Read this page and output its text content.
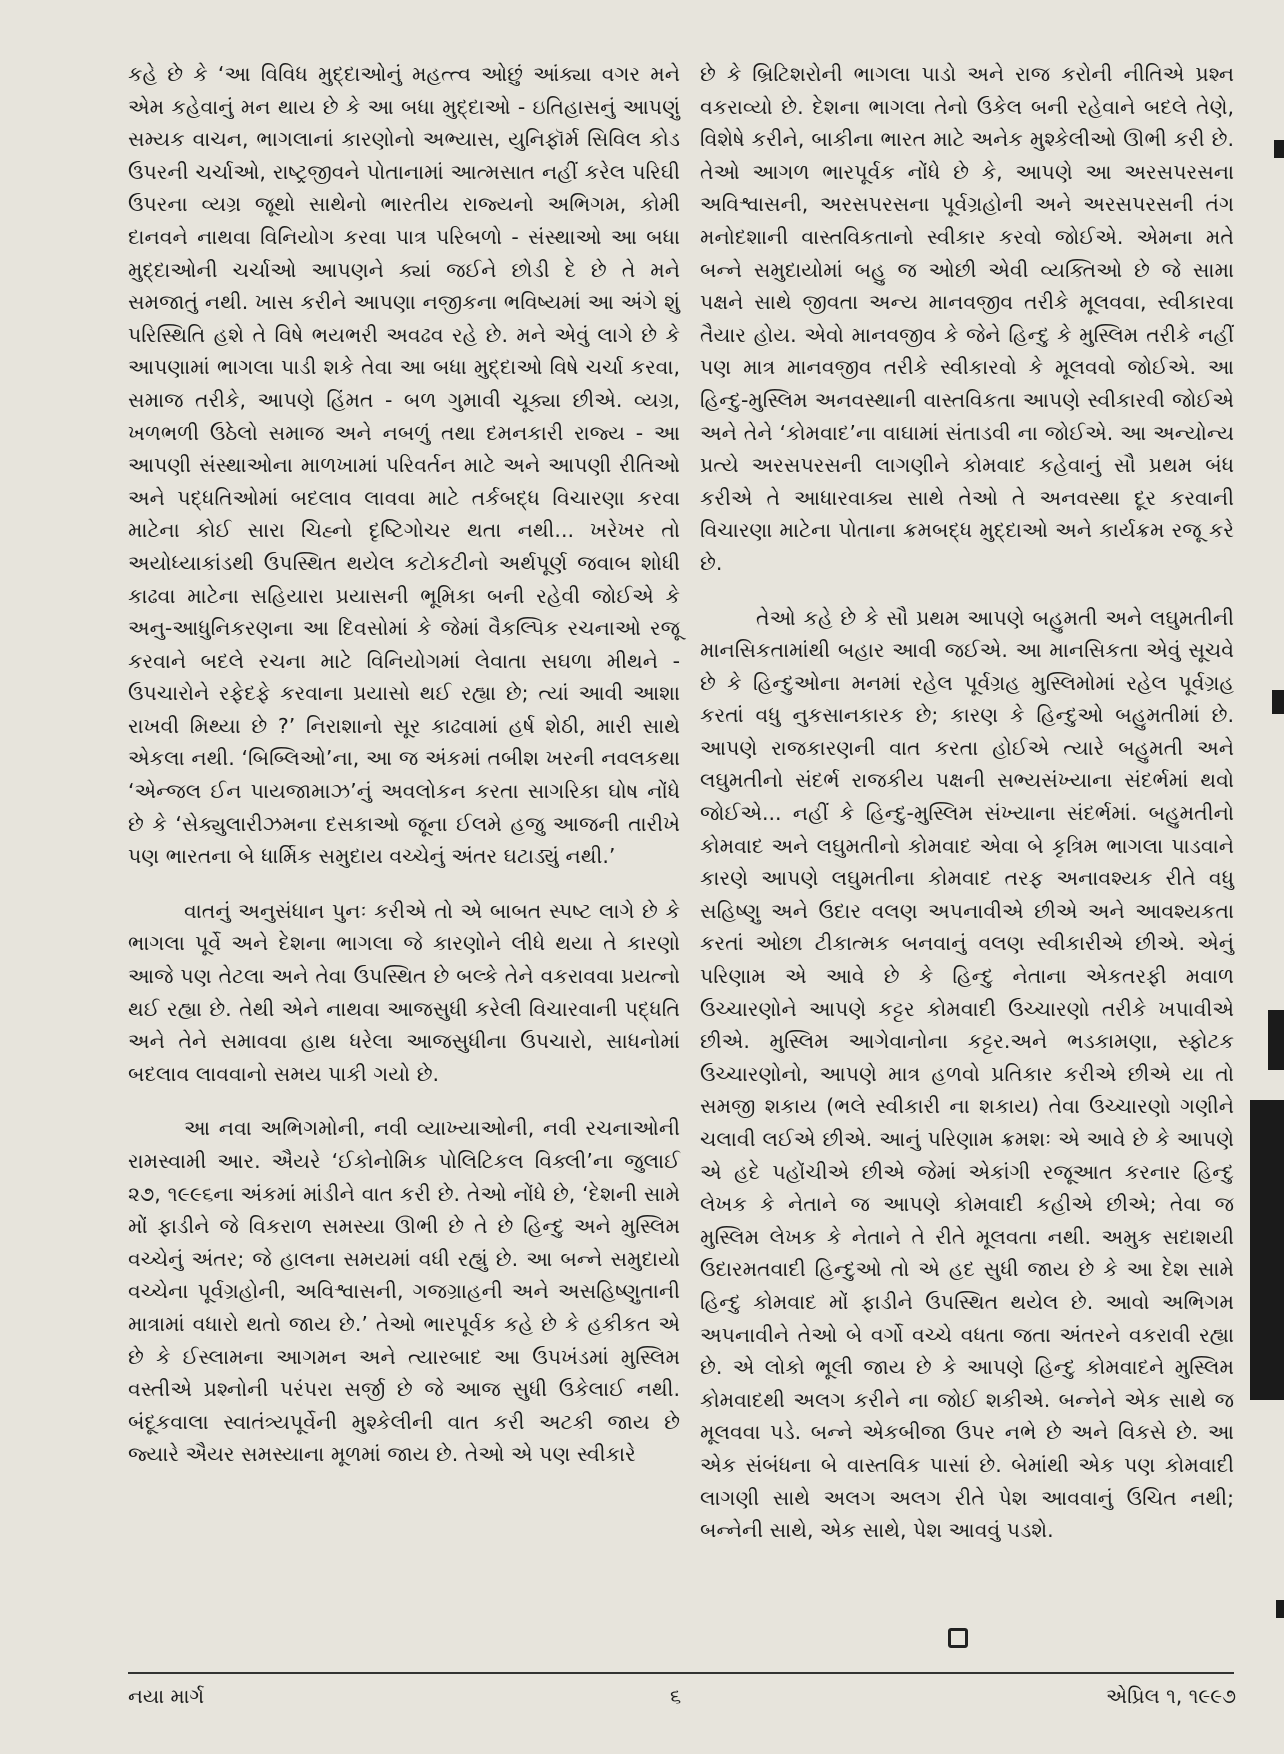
કહે છે કે ‘આ વિવિધ મુદ્દાઓનું મહત્ત્વ ઓછું આંક્યા વગર મને એમ કહેવાનું મન થાય છે કે આ બધા મુદ્દાઓ - ઇતિહાસનું આપણું સમ્યક વાચન, ભાગલાનાં કારણોનો અભ્યાસ, યુનિફૉર્મ સિવિલ કોડ ઉપરની ચર્ચાઓ, રાષ્ટ્રજીવને પોતાનામાં આત્મસાત નહીં કરેલ પરિઘી ઉપરના વ્યગ્ર જૂથો સાથેનો ભારતીય રાજ્યનો અભિગમ, કોમી દાનવને નાથવા વિનિયોગ કરવા પાત્ર પરિબળો - સંસ્થાઓ આ બધા મુદ્દાઓની ચર્ચાઓ આપણને ક્યાં જઈને છોડી દે છે તે મને સમજાતું નથી. ખાસ કરીને આપણા નજીકના ભવિષ્યમાં આ અંગે શું પરિસ્થિતિ હશે તે વિષે ભયભરી અવઢવ રહે છે. મને એવું લાગે છે કે આપણામાં ભાગલા પાડી શકે તેવા આ બધા મુદ્દાઓ વિષે ચર્ચા કરવા, સમાજ તરીકે, આપણે હિંમત - બળ ગુમાવી ચૂક્યા છીએ. વ્યગ્ર, ખળભળી ઉઠેલો સમાજ અને નબળું તથા દમનકારી રાજ્ય - આ આપણી સંસ્થાઓના માળખામાં પરિવર્તન માટે અને આપણી રીતિઓ અને પદ્ધતિઓમાં બદલાવ લાવવા માટે તર્કબદ્ધ વિચારણા કરવા માટેના કોઈ સારા ચિહ્નો દૃષ્ટિગોચર થતા નથી... ખરેખર તો અયોધ્યાકાંડથી ઉપસ્થિત થયેલ કટોકટીનો અર્થપૂર્ણ જવાબ શોધી કાઢવા માટેના સહિયારા પ્રયાસની ભૂમિકા બની રહેવી જોઈએ કે અનુ-આધુનિકરણના આ દિવસોમાં કે જેમાં વૈકલ્પિક રચનાઓ રજૂ કરવાને બદલે રચના માટે વિનિયોગમાં લેવાતા સઘળા મીથને - ઉપચારોને રફેદફે કરવાના પ્રયાસો થઈ રહ્યા છે; ત્યાં આવી આશા રાખવી મિથ્યા છે ?’ નિરાશાનો સૂર કાઢવામાં હર્ષ શેઠી, મારી સાથે એકલા નથી. ‘બિબ્લિઓ’ના, આ જ અંકમાં તબીશ ખરની નવલકથા ‘એન્જલ ઈન પાયજામાઝ’નું અવલોકન કરતા સાગરિકા ઘોષ નોંધે છે કે ‘સેક્યુલારીઝમના દસકાઓ જૂના ઈલમે હજુ આજની તારીખે પણ ભારતના બે ધાર્મિક સમુદાય વચ્ચેનું અંતર ઘટાડ્યું નથી.’

વાતનું અનુસંધાન પુનઃ કરીએ તો એ બાબત સ્પષ્ટ લાગે છે કે ભાગલા પૂર્વે અને દેશના ભાગલા જે કારણોને લીધે થયા તે કારણો આજે પણ તેટલા અને તેવા ઉપસ્થિત છે બલ્કે તેને વકરાવવા પ્રયત્નો થઈ રહ્યા છે. તેથી એને નાથવા આજસુધી કરેલી વિચારવાની પદ્ધતિ અને તેને સમાવવા હાથ ધરેલા આજસુધીના ઉપચારો, સાધનોમાં બદલાવ લાવવાનો સમય પાકી ગયો છે.

આ નવા અભિગમોની, નવી વ્યાખ્યાઓની, નવી રચનાઓની રામસ્વામી આર. ઐયરે ‘ઈકોનોમિક પોલિટિકલ વિક્લી’ના જુલાઈ ૨૭, ૧૯૯૬ના અંકમાં માંડીને વાત કરી છે. તેઓ નોંધે છે, ‘દેશની સામે મોં ફાડીને જે વિકરાળ સમસ્યા ઊભી છે તે છે હિન્દુ અને મુસ્લિમ વચ્ચેનું અંતર; જે હાલના સમયમાં વધી રહ્યું છે. આ બન્ને સમુદાયો વચ્ચેના પૂર્વગ્રહોની, અવિશ્વાસની, ગજગ્રાહની અને અસહિષ્ણુતાની માત્રામાં વધારો થતો જાય છે.’ તેઓ ભારપૂર્વક કહે છે કે હકીકત એ છે કે ઈસ્લામના આગમન અને ત્યારબાદ આ ઉપખંડમાં મુસ્લિમ વસ્તીએ પ્રશ્નોની પરંપરા સર્જી છે જે આજ સુધી ઉકેલાઈ નથી. બંદૂકવાલા સ્વાતંત્ર્યપૂર્વેની મુશ્કેલીની વાત કરી અટકી જાય છે જ્યારે ઐયર સમસ્યાના મૂળમાં જાય છે. તેઓ એ પણ સ્વીકારે

છે કે બ્રિટિશરોની ભાગલા પાડો અને રાજ કરોની નીતિએ પ્રશ્ન વકરાવ્યો છે. દેશના ભાગલા તેનો ઉકેલ બની રહેવાને બદલે તેણે, વિશેષે કરીને, બાકીના ભારત માટે અનેક મુશ્કેલીઓ ઊભી કરી છે. તેઓ આગળ ભારપૂર્વક નોંધે છે કે, આપણે આ અરસપરસના અવિશ્વાસની, અરસપરસના પૂર્વગ્રહોની અને અરસપરસની તંગ મનોદશાની વાસ્તવિકતાનો સ્વીકાર કરવો જોઈએ. એમના મતે બન્ને સમુદાયોમાં બહુ જ ઓછી એવી વ્યક્તિઓ છે જે સામા પક્ષને સાથે જીવતા અન્ય માનવજીવ તરીકે મૂલવવા, સ્વીકારવા તૈયાર હોય. એવો માનવજીવ કે જેને હિન્દુ કે મુસ્લિમ તરીકે નહીં પણ માત્ર માનવજીવ તરીકે સ્વીકારવો કે મૂલવવો જોઈએ. આ હિન્દુ-મુસ્લિમ અનવસ્થાની વાસ્તવિકતા આપણે સ્વીકારવી જોઈએ અને તેને ‘કોમવાદ’ના વાઘામાં સંતાડવી ના જોઈએ. આ અન્યોન્ય પ્રત્યે અરસપરસની લાગણીને કોમવાદ કહેવાનું સૌ પ્રથમ બંધ કરીએ તે આધારવાક્ય સાથે તેઓ તે અનવસ્થા દૂર કરવાની વિચારણા માટેના પોતાના ક્રમબદ્ધ મુદ્દાઓ અને કાર્યક્રમ રજૂ કરે છે.

તેઓ કહે છે કે સૌ પ્રથમ આપણે બહુમતી અને લઘુમતીની માનસિકતામાંથી બહાર આવી જઈએ. આ માનસિકતા એવું સૂચવે છે કે હિન્દુઓના મનમાં રહેલ પૂર્વગ્રહ મુસ્લિમોમાં રહેલ પૂર્વગ્રહ કરતાં વધુ નુકસાનકારક છે; કારણ કે હિન્દુઓ બહુમતીમાં છે. આપણે રાજકારણની વાત કરતા હોઈએ ત્યારે બહુમતી અને લઘુમતીનો સંદર્ભ રાજકીય પક્ષની સભ્યસંખ્યાના સંદર્ભમાં થવો જોઈએ... નહીં કે હિન્દુ-મુસ્લિમ સંખ્યાના સંદર્ભમાં. બહુમતીનો કોમવાદ અને લઘુમતીનો કોમવાદ એવા બે કૃત્રિમ ભાગલા પાડવાને કારણે આપણે લઘુમતીના કોમવાદ તરફ અનાવશ્યક રીતે વધુ સહિષ્ણુ અને ઉદાર વલણ અપનાવીએ છીએ અને આવશ્યકતા કરતાં ઓછા ટીકાત્મક બનવાનું વલણ સ્વીકારીએ છીએ. એનું પરિણામ એ આવે છે કે હિન્દુ નેતાના એકતરફી મવાળ ઉચ્ચારણોને આપણે કટ્ટર કોમવાદી ઉચ્ચારણો તરીકે ખપાવીએ છીએ. મુસ્લિમ આગેવાનોના કટ્ટર.અને ભડકામણા, સ્ફોટક ઉચ્ચારણોનો, આપણે માત્ર હળવો પ્રતિકાર કરીએ છીએ યા તો સમજી શકાય (ભલે સ્વીકારી ના શકાય) તેવા ઉચ્ચારણો ગણીને ચલાવી લઈએ છીએ. આનું પરિણામ ક્રમશઃ એ આવે છે કે આપણે એ હદે પહોંચીએ છીએ જેમાં એકાંગી રજૂઆત કરનાર હિન્દુ લેખક કે નેતાને જ આપણે કોમવાદી કહીએ છીએ; તેવા જ મુસ્લિમ લેખક કે નેતાને તે રીતે મૂલવતા નથી. અમુક સદાશયી ઉદારમતવાદી હિન્દુઓ તો એ હદ સુધી જાય છે કે આ દેશ સામે હિન્દુ કોમવાદ મોં ફાડીને ઉપસ્થિત થયેલ છે. આવો અભિગમ અપનાવીને તેઓ બે વર્ગો વચ્ચે વધતા જતા અંતરને વકરાવી રહ્યા છે. એ લોકો ભૂલી જાય છે કે આપણે હિન્દુ કોમવાદને મુસ્લિમ કોમવાદથી અલગ કરીને ના જોઈ શકીએ. બન્નેને એક સાથે જ મૂલવવા પડે. બન્ને એકબીજા ઉપર નભે છે અને વિકસે છે. આ એક સંબંધના બે વાસ્તવિક પાસાં છે. બેમાંથી એક પણ કોમવાદી લાગણી સાથે અલગ અલગ રીતે પેશ આવવાનું ઉચિત નથી; બન્નેની સાથે, એક સાથે, પેશ આવવું પડશે.

નયા માર્ગ	૬	એપ્રિલ ૧, ૧૯૯૭
